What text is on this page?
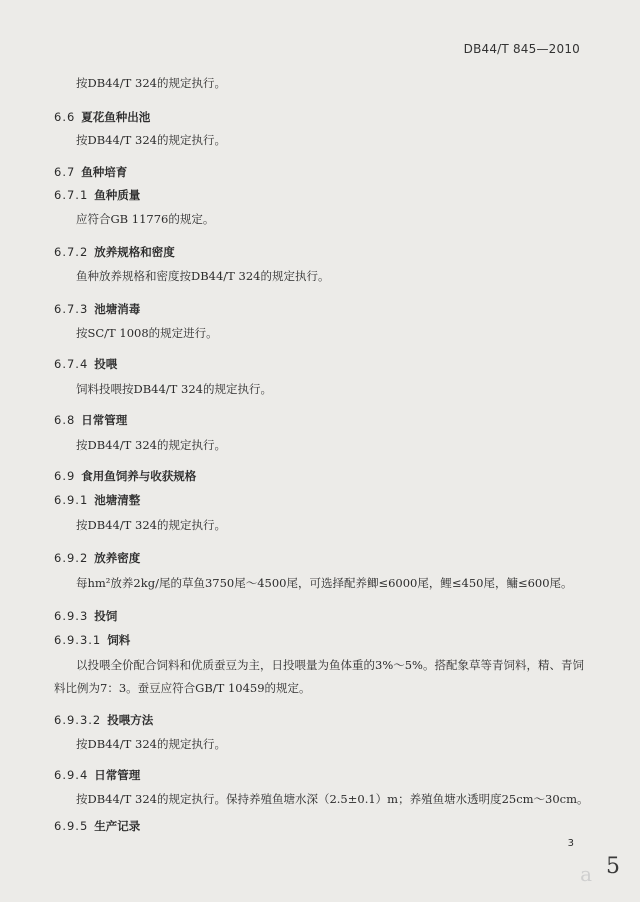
DB44/T 845—2010
按DB44/T 324的规定执行。
6.6 夏花鱼种出池
按DB44/T 324的规定执行。
6.7 鱼种培育
6.7.1 鱼种质量
应符合GB 11776的规定。
6.7.2 放养规格和密度
鱼种放养规格和密度按DB44/T 324的规定执行。
6.7.3 池塘消毒
按SC/T 1008的规定进行。
6.7.4 投喂
饲料投喂按DB44/T 324的规定执行。
6.8 日常管理
按DB44/T 324的规定执行。
6.9 食用鱼饲养与收获规格
6.9.1 池塘清整
按DB44/T 324的规定执行。
6.9.2 放养密度
每hm²放养2kg/尾的草鱼3750尾～4500尾，可选择配养鲫≤6000尾，鲤≤450尾，鳙≤600尾。
6.9.3 投饲
6.9.3.1 饲料
以投喂全价配合饲料和优质蚕豆为主，日投喂量为鱼体重的3%～5%。搭配象草等青饲料，精、青饲
料比例为7：3。蚕豆应符合GB/T 10459的规定。
6.9.3.2 投喂方法
按DB44/T 324的规定执行。
6.9.4 日常管理
按DB44/T 324的规定执行。保持养殖鱼塘水深（2.5±0.1）m；养殖鱼塘水透明度25cm～30cm。
6.9.5 生产记录
3
a 5
